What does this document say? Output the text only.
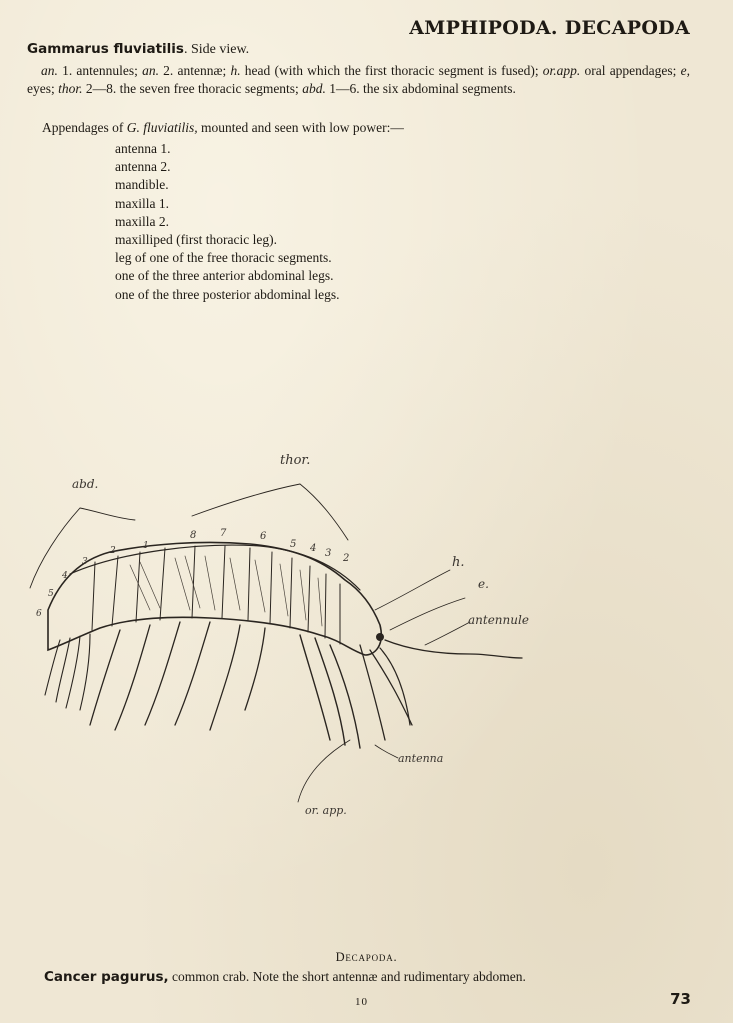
AMPHIPODA. DECAPODA
Gammarus fluviatilis. Side view.
an. 1. antennules; an. 2. antennæ; h. head (with which the first thoracic segment is fused); or.app. oral appendages; e, eyes; thor. 2—8. the seven free thoracic segments; abd. 1—6. the six abdominal segments.
Appendages of G. fluviatilis, mounted and seen with low power:—
antenna 1.
antenna 2.
mandible.
maxilla 1.
maxilla 2.
maxilliped (first thoracic leg).
leg of one of the free thoracic segments.
one of the three anterior abdominal legs.
one of the three posterior abdominal legs.
thor.
abd.
h.
e.
antennule
antenna
or. app.
8 7	6
5 4 3 2
1
2
3
4
5
6
Decapoda.
Cancer pagurus, common crab. Note the short antennæ and rudimentary abdomen.
10	73
